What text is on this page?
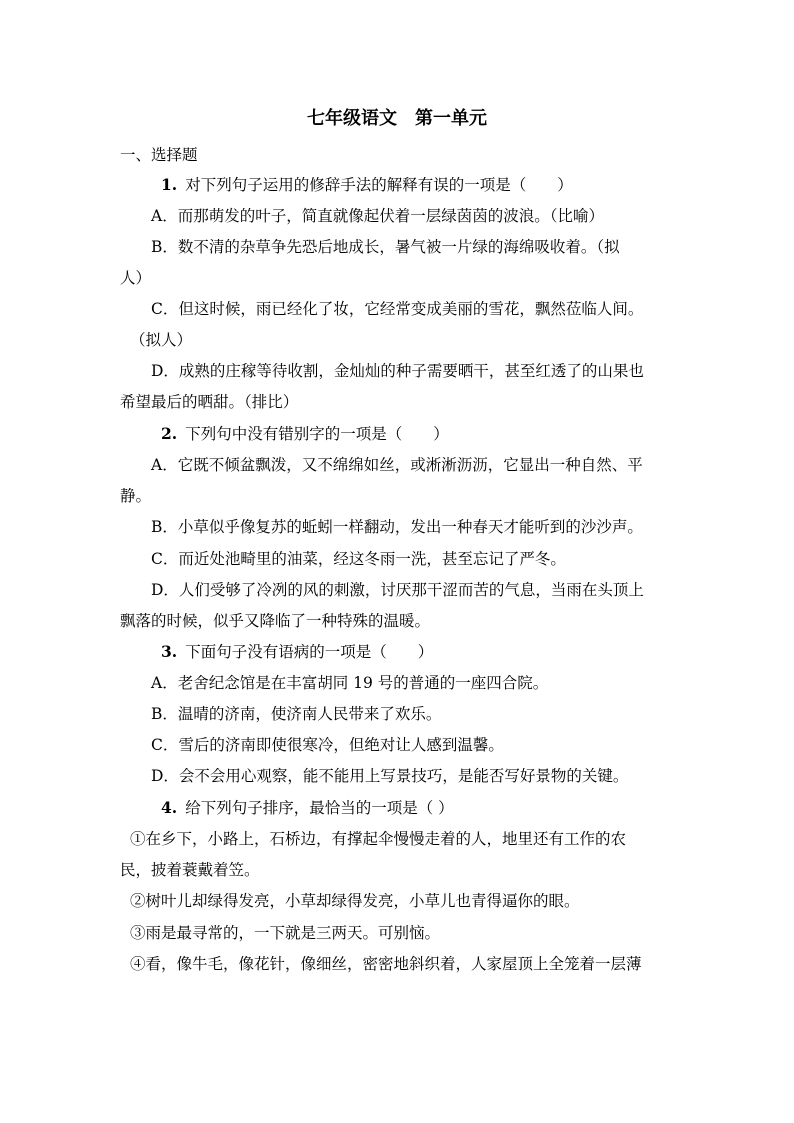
七年级语文　第一单元
一、选择题
1. 对下列句子运用的修辞手法的解释有误的一项是（　　）
A．而那萌发的叶子，简直就像起伏着一层绿茵茵的波浪。（比喻）
B．数不清的杂草争先恐后地成长，暑气被一片绿的海绵吸收着。（拟
人）
C．但这时候，雨已经化了妆，它经常变成美丽的雪花，飘然莅临人间。
（拟人）
D．成熟的庄稼等待收割，金灿灿的种子需要晒干，甚至红透了的山果也
希望最后的晒甜。（排比）
2. 下列句中没有错别字的一项是（　　）
A．它既不倾盆飘泼，又不绵绵如丝，或淅淅沥沥，它显出一种自然、平
静。
B．小草似乎像复苏的蚯蚓一样翻动，发出一种春天才能听到的沙沙声。
C．而近处池畸里的油菜，经这冬雨一洗，甚至忘记了严冬。
D．人们受够了冷冽的风的刺激，讨厌那干涩而苦的气息，当雨在头顶上
飘落的时候，似乎又降临了一种特殊的温暖。
3. 下面句子没有语病的一项是（　　）
A．老舍纪念馆是在丰富胡同 19 号的普通的一座四合院。
B．温晴的济南，使济南人民带来了欢乐。
C．雪后的济南即使很寒冷，但绝对让人感到温馨。
D．会不会用心观察，能不能用上写景技巧，是能否写好景物的关键。
4. 给下列句子排序，最恰当的一项是（ ）
①在乡下，小路上，石桥边，有撑起伞慢慢走着的人，地里还有工作的农
民，披着蓑戴着笠。
②树叶儿却绿得发亮，小草却绿得发亮，小草儿也青得逼你的眼。
③雨是最寻常的，一下就是三两天。可别恼。
④看，像牛毛，像花针，像细丝，密密地斜织着，人家屋顶上全笼着一层薄
